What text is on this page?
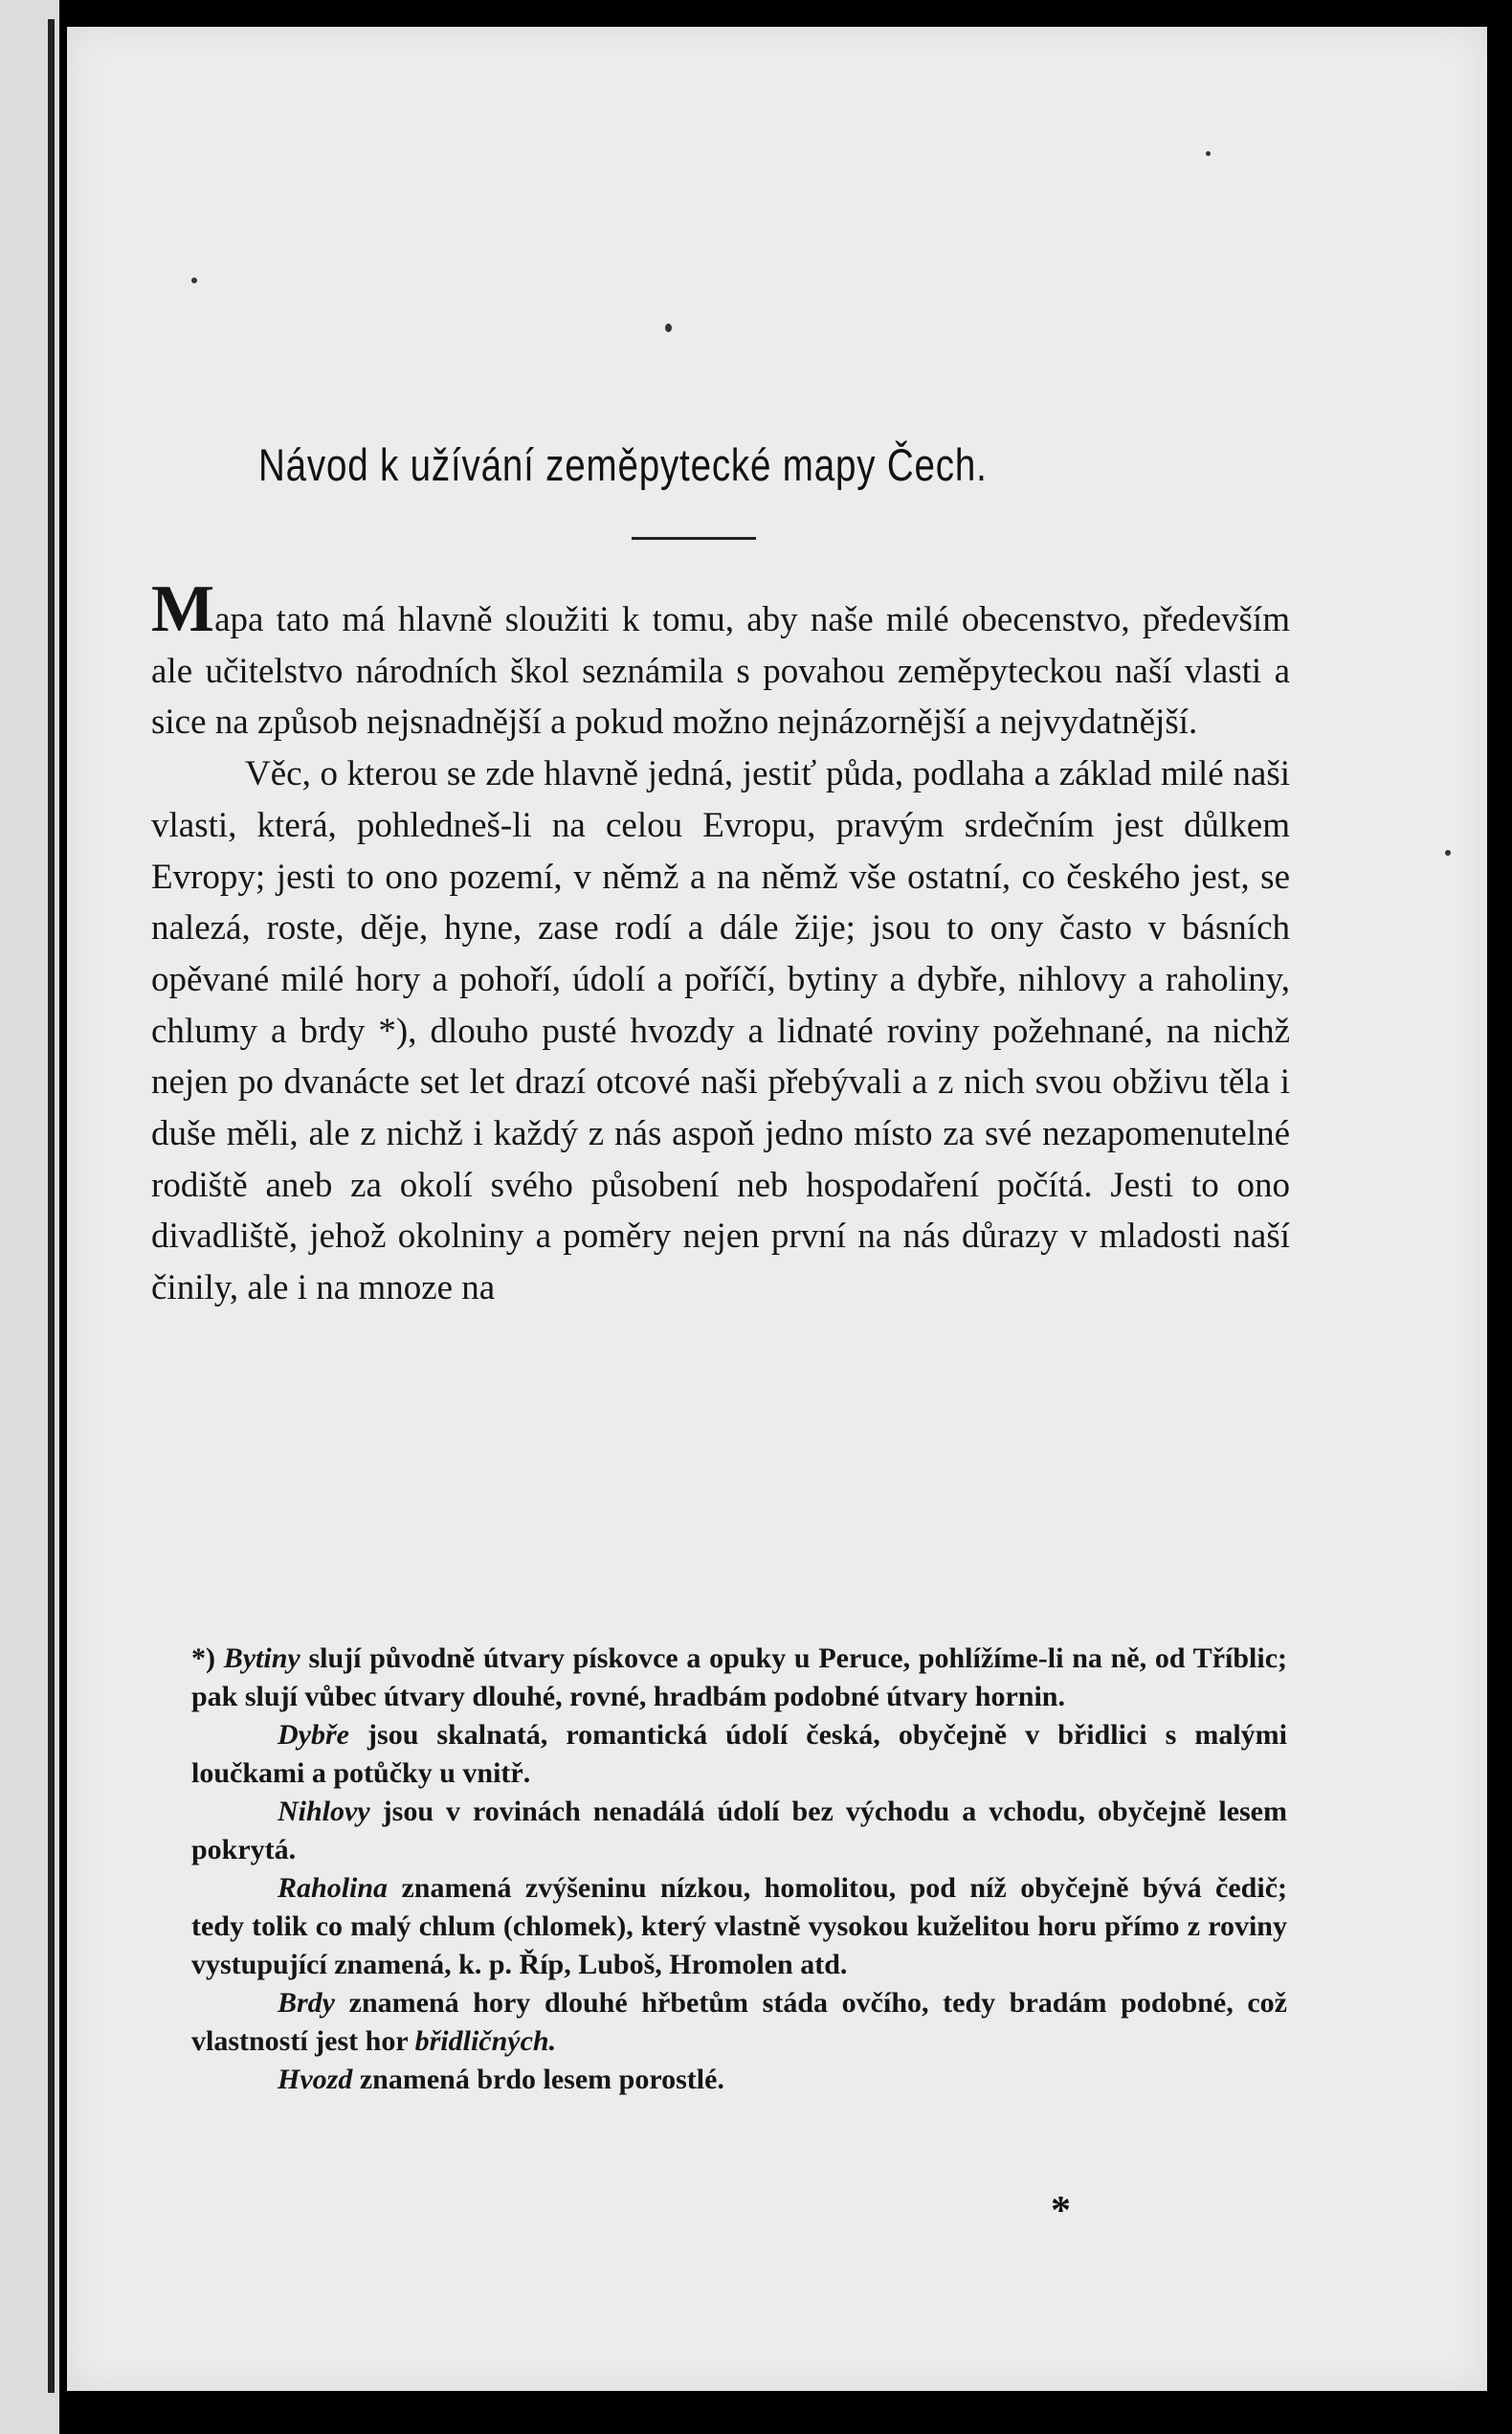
Návod k užívání zeměpytecké mapy Čech.

Mapa tato má hlavně sloužiti k tomu, aby naše milé obecenstvo, především ale učitelstvo národních škol seznámila s povahou zeměpyteckou naší vlasti a sice na způsob nejsnadnější a pokud možno nejnázornější a nejvydatnější.

Věc, o kterou se zde hlavně jedná, jestiť půda, podlaha a základ milé naši vlasti, která, pohledneš-li na celou Evropu, pravým srdečním jest důlkem Evropy; jesti to ono pozemí, v němž a na němž vše ostatní, co českého jest, se nalezá, roste, děje, hyne, zase rodí a dále žije; jsou to ony často v básních opěvané milé hory a pohoří, údolí a poříčí, bytiny a dybře, nihlovy a raholiny, chlumy a brdy *), dlouho pusté hvozdy a lidnaté roviny požehnané, na nichž nejen po dvanácte set let drazí otcové naši přebývali a z nich svou obživu těla i duše měli, ale z nichž i každý z nás aspoň jedno místo za své nezapomenutelné rodiště aneb za okolí svého působení neb hospodaření počítá. Jesti to ono divadliště, jehož okolniny a poměry nejen první na nás důrazy v mladosti naší činily, ale i na mnoze na

*) Bytiny slují původně útvary pískovce a opuky u Peruce, pohlížíme-li na ně, od Tříblic; pak slují vůbec útvary dlouhé, rovné, hradbám podobné útvary hornin.

Dybře jsou skalnatá, romantická údolí česká, obyčejně v břidlici s malými loučkami a potůčky u vnitř.

Nihlovy jsou v rovinách nenadálá údolí bez východu a vchodu, obyčejně lesem pokrytá.

Raholina znamená zvýšeninu nízkou, homolitou, pod níž obyčejně bývá čedič; tedy tolik co malý chlum (chlomek), který vlastně vysokou kuželitou horu přímo z roviny vystupující znamená, k. p. Říp, Luboš, Hromolen atd.

Brdy znamená hory dlouhé hřbetům stáda ovčího, tedy bradám podobné, což vlastností jest hor břidličných.

Hvozd znamená brdo lesem porostlé.

*
